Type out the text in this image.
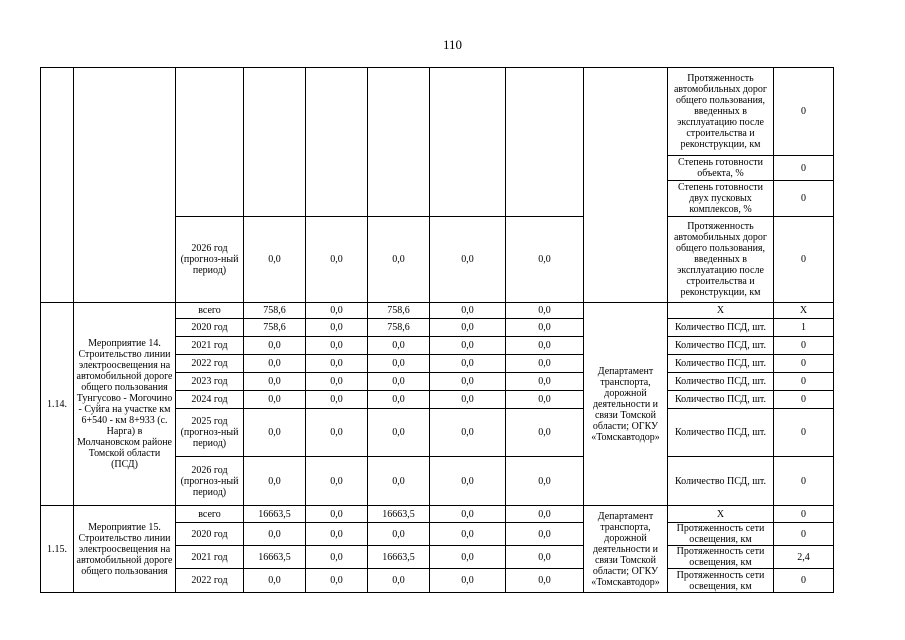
110
									Протяженность автомобильных дорог общего пользования, введенных в эксплуатацию после строительства и реконструкции, км	0
									Степень готовности объекта, %	0
									Степень готовности двух пусковых комплексов, %	0
		2026 год (прогноз-ный период)	0,0	0,0	0,0	0,0	0,0		Протяженность автомобильных дорог общего пользования, введенных в эксплуатацию после строительства и реконструкции, км	0
1.14.	Мероприятие 14. Строительство линии электроосвещения на автомобильной дороге общего пользования Тунгусово - Могочино - Суйга на участке км 6+540 - км 8+933 (с. Нарга) в Молчановском районе Томской области (ПСД)	всего	758,6	0,0	758,6	0,0	0,0	Департамент транспорта, дорожной деятельности и связи Томской области; ОГКУ «Томскавтодор»	Х	Х
		2020 год	758,6	0,0	758,6	0,0	0,0		Количество ПСД, шт.	1
		2021 год	0,0	0,0	0,0	0,0	0,0		Количество ПСД, шт.	0
		2022 год	0,0	0,0	0,0	0,0	0,0		Количество ПСД, шт.	0
		2023 год	0,0	0,0	0,0	0,0	0,0		Количество ПСД, шт.	0
		2024 год	0,0	0,0	0,0	0,0	0,0		Количество ПСД, шт.	0
		2025 год (прогноз-ный период)	0,0	0,0	0,0	0,0	0,0		Количество ПСД, шт.	0
		2026 год (прогноз-ный период)	0,0	0,0	0,0	0,0	0,0		Количество ПСД, шт.	0
1.15.	Мероприятие 15. Строительство линии электроосвещения на автомобильной дороге общего пользования	всего	16663,5	0,0	16663,5	0,0	0,0	Департамент транспорта, дорожной деятельности и связи Томской области; ОГКУ «Томскавтодор»	Х	0
		2020 год	0,0	0,0	0,0	0,0	0,0		Протяженность сети освещения, км	0
		2021 год	16663,5	0,0	16663,5	0,0	0,0		Протяженность сети освещения, км	2,4
		2022 год	0,0	0,0	0,0	0,0	0,0		Протяженность сети освещения, км	0
